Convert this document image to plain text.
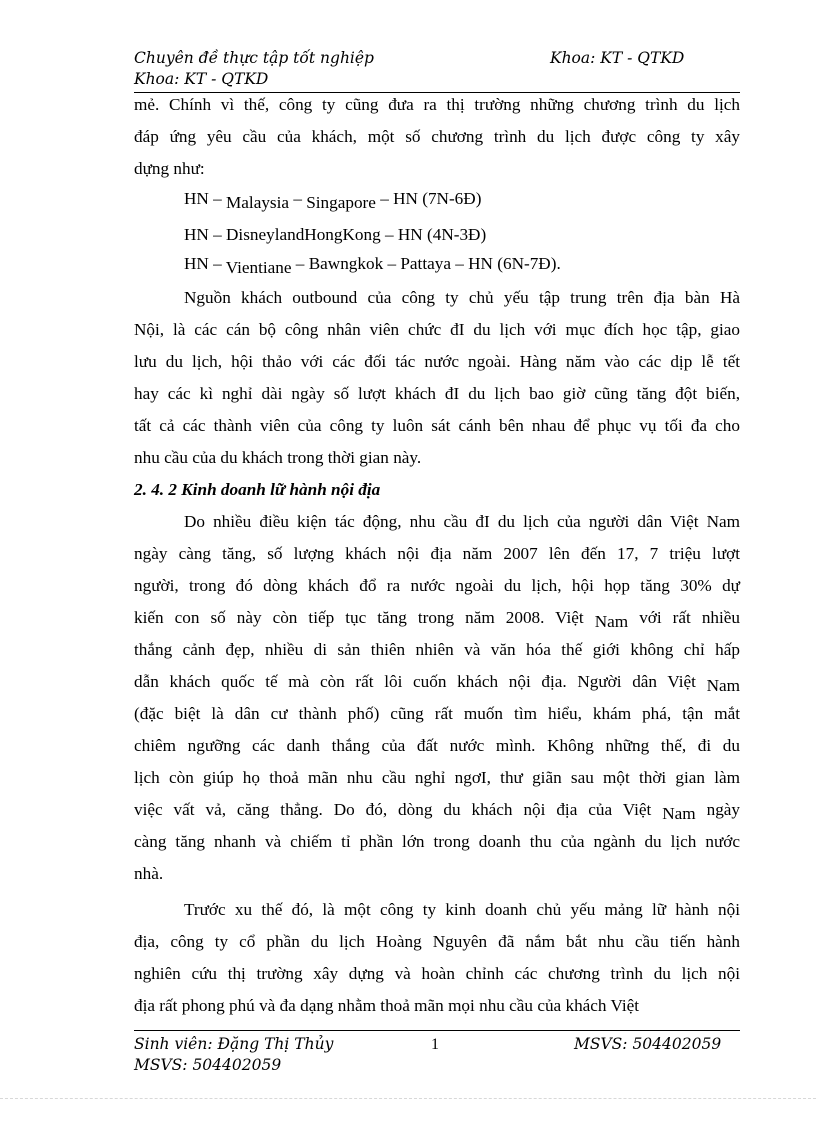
Chuyên đề thực tập tốt nghiệp	Khoa: KT - QTKD
Khoa: KT - QTKD
mẻ. Chính vì thế, công ty cũng đưa ra thị trường những chương trình du lịch
đáp ứng yêu cầu của khách, một số chương trình du lịch được công ty xây
dựng như:
HN – Malaysia – Singapore – HN (7N-6Đ)
HN – DisneylandHongKong – HN (4N-3Đ)
HN – Vientiane – Bawngkok – Pattaya – HN (6N-7Đ).
Nguồn khách outbound của công ty chủ yếu tập trung trên địa bàn Hà
Nội, là các cán bộ công nhân viên chức đI du lịch với mục đích học tập, giao
lưu du lịch, hội thảo với các đối tác nước ngoài. Hàng năm vào các dịp lễ tết
hay các kì nghỉ dài ngày số lượt khách đI du lịch bao giờ cũng tăng đột biến,
tất cả các thành viên của công ty luôn sát cánh bên nhau để phục vụ tối đa cho
nhu cầu của du khách trong thời gian này.
2. 4. 2 Kinh doanh lữ hành nội địa
Do nhiều điều kiện tác động, nhu cầu đI du lịch của người dân Việt Nam
ngày càng tăng, số lượng khách nội địa năm 2007 lên đến 17, 7 triệu lượt
người, trong đó dòng khách đổ ra nước ngoài du lịch, hội họp tăng 30% dự
kiến con số này còn tiếp tục tăng trong năm 2008. Việt Nam với rất nhiều
thắng cảnh đẹp, nhiều di sản thiên nhiên và văn hóa thế giới không chỉ hấp
dẫn khách quốc tế mà còn rất lôi cuốn khách nội địa. Người dân Việt Nam
(đặc biệt là dân cư thành phố) cũng rất muốn tìm hiểu, khám phá, tận mắt
chiêm ngưỡng các danh thắng của đất nước mình. Không những thế, đi du
lịch còn giúp họ thoả mãn nhu cầu nghỉ ngơI, thư giãn sau một thời gian làm
việc vất vả, căng thẳng. Do đó, dòng du khách nội địa của Việt Nam ngày
càng tăng nhanh và chiếm tỉ phần lớn trong doanh thu của ngành du lịch nước
nhà.
Trước xu thế đó, là một công ty kinh doanh chủ yếu mảng lữ hành nội
địa, công ty cổ phần du lịch Hoàng Nguyên đã nắm bắt nhu cầu tiến hành
nghiên cứu thị trường xây dựng và hoàn chỉnh các chương trình du lịch nội
địa rất phong phú và đa dạng nhằm thoả mãn mọi nhu cầu của khách Việt
Sinh viên: Đặng Thị Thủy	1	MSVS: 504402059
MSVS: 504402059
